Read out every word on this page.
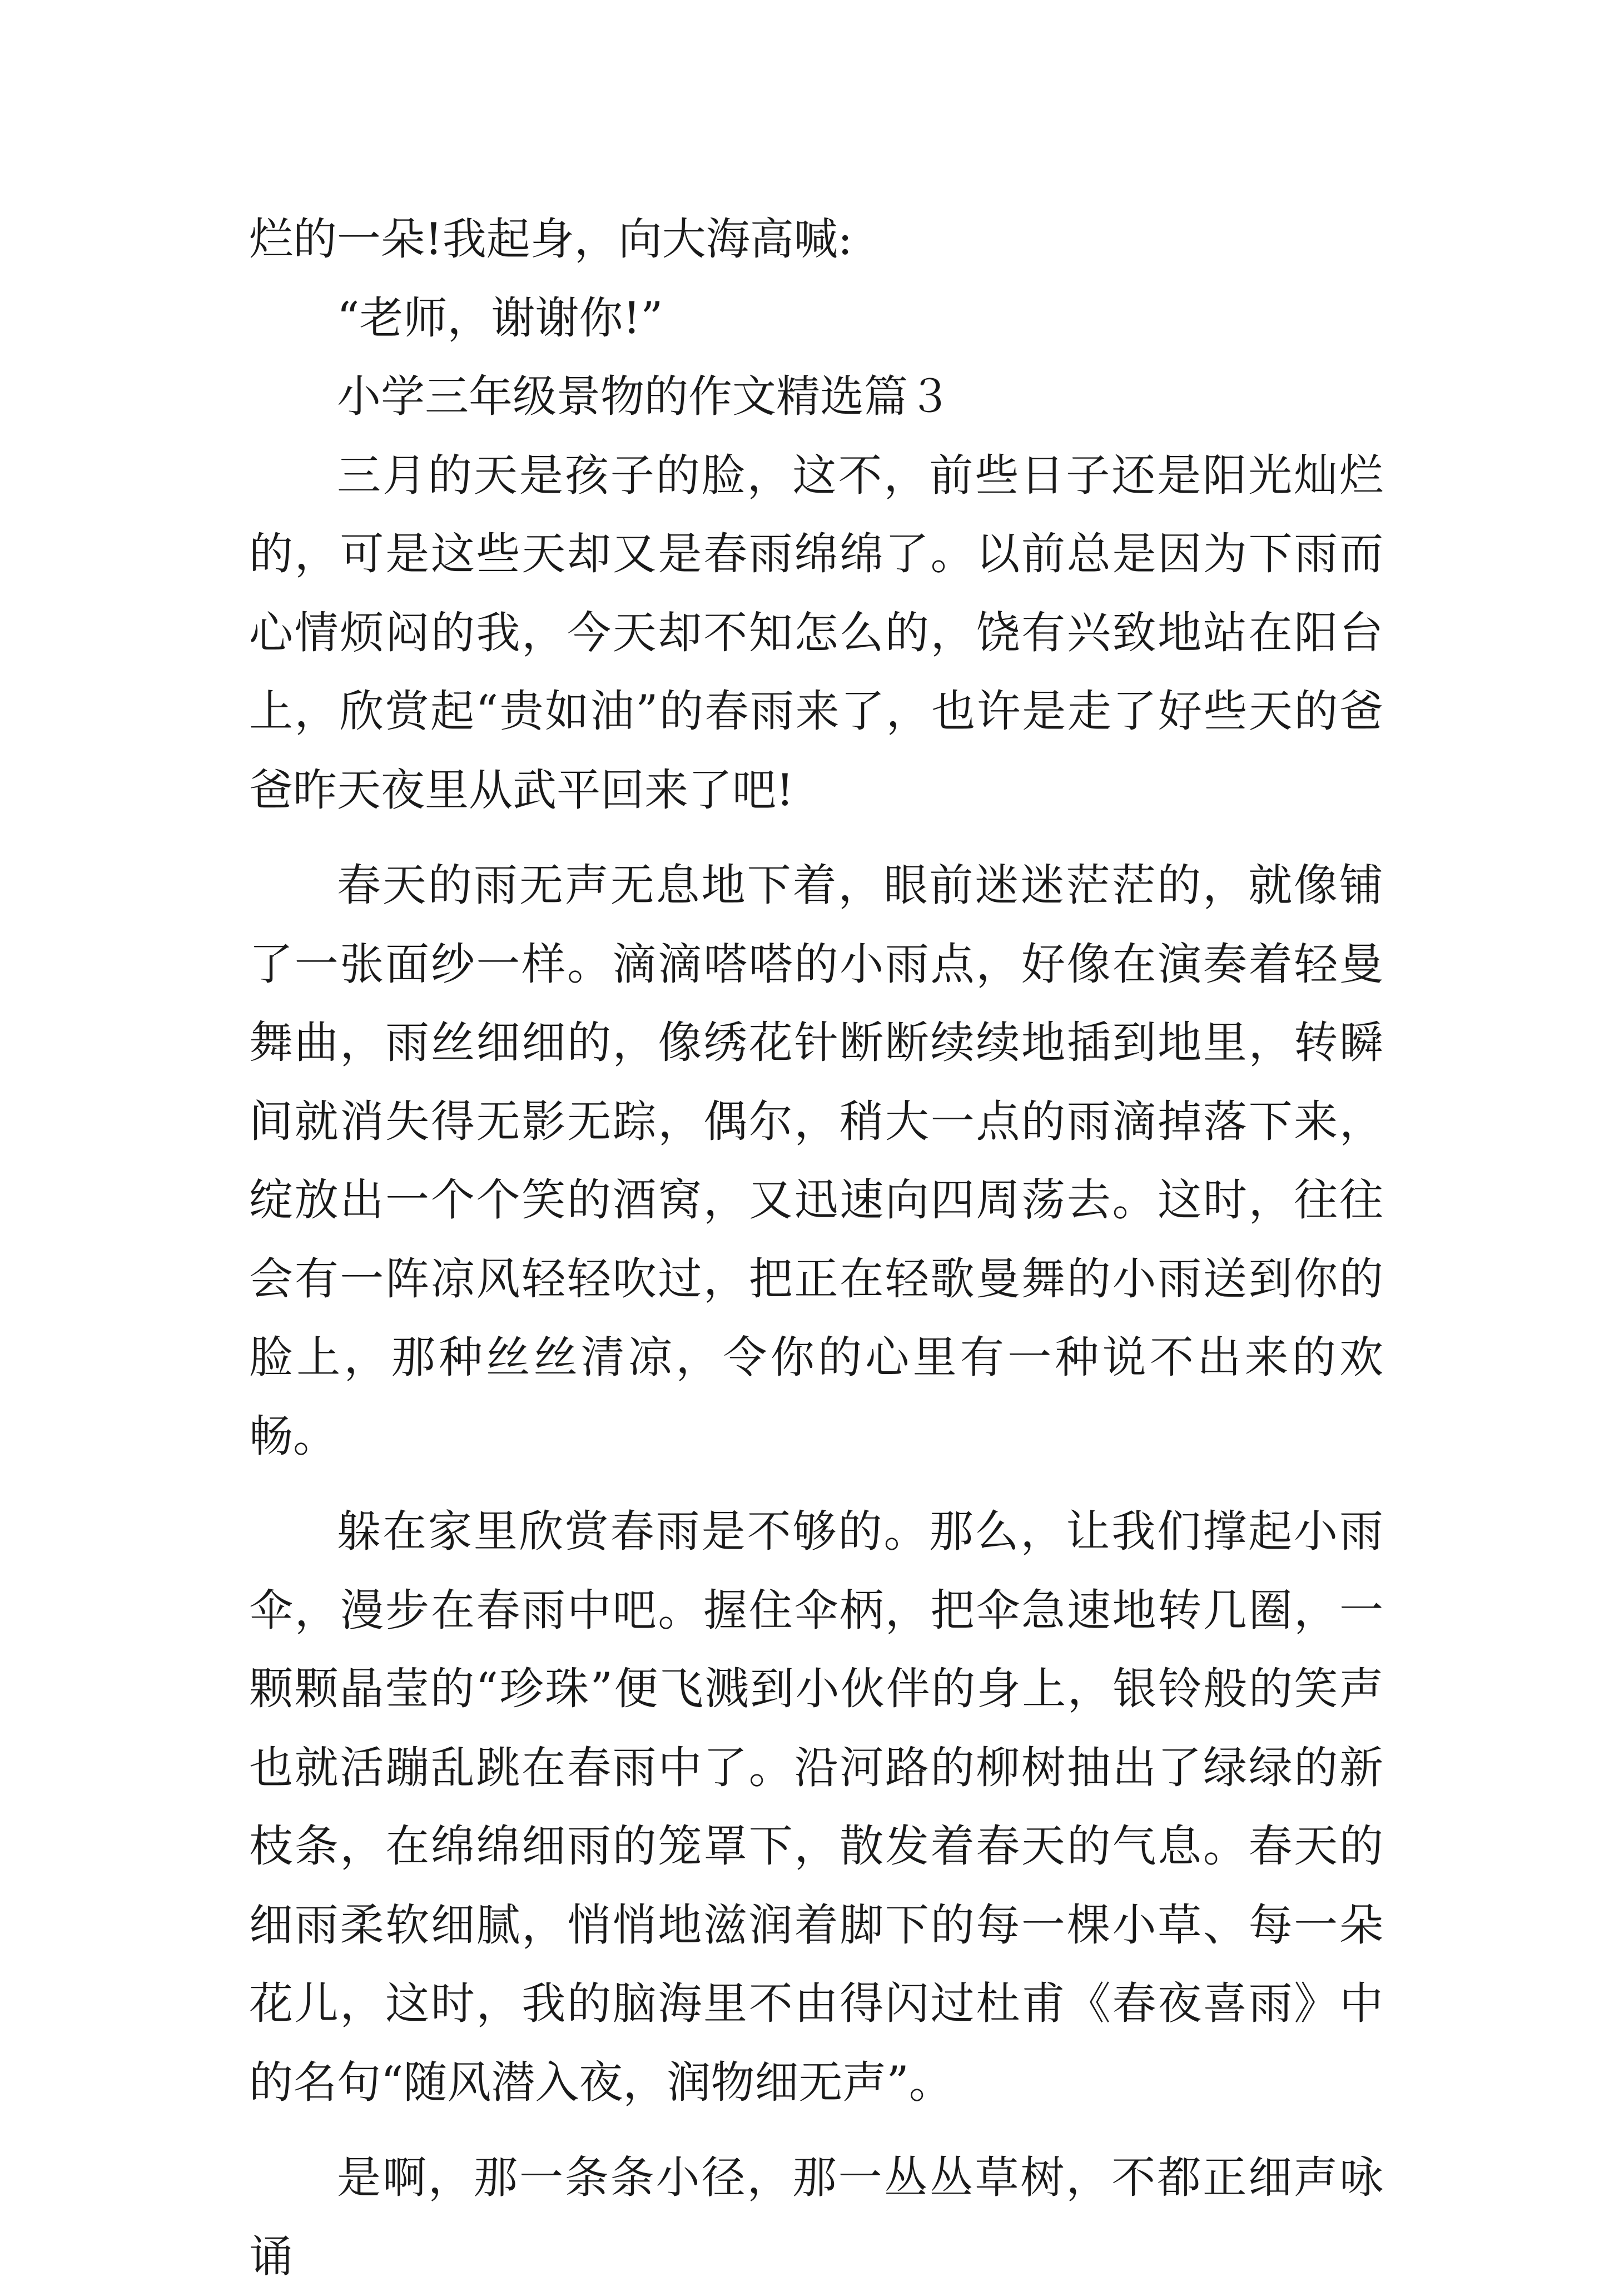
烂的一朵!我起身，向大海高喊:

“老师，谢谢你!”

小学三年级景物的作文精选篇３

三月的天是孩子的脸，这不，前些日子还是阳光灿烂的，可是这些天却又是春雨绵绵了。以前总是因为下雨而心情烦闷的我，今天却不知怎么的，饶有兴致地站在阳台上，欣赏起“贵如油”的春雨来了，也许是走了好些天的爸爸昨天夜里从武平回来了吧!

春天的雨无声无息地下着，眼前迷迷茫茫的，就像铺了一张面纱一样。滴滴嗒嗒的小雨点，好像在演奏着轻曼舞曲，雨丝细细的，像绣花针断断续续地插到地里，转瞬间就消失得无影无踪，偶尔，稍大一点的雨滴掉落下来，绽放出一个个笑的酒窝，又迅速向四周荡去。这时，往往会有一阵凉风轻轻吹过，把正在轻歌曼舞的小雨送到你的脸上，那种丝丝清凉，令你的心里有一种说不出来的欢畅。

躲在家里欣赏春雨是不够的。那么，让我们撑起小雨伞，漫步在春雨中吧。握住伞柄，把伞急速地转几圈，一颗颗晶莹的“珍珠”便飞溅到小伙伴的身上，银铃般的笑声也就活蹦乱跳在春雨中了。沿河路的柳树抽出了绿绿的新枝条，在绵绵细雨的笼罩下，散发着春天的气息。春天的细雨柔软细腻，悄悄地滋润着脚下的每一棵小草、每一朵花儿，这时，我的脑海里不由得闪过杜甫《春夜喜雨》中的名句“随风潜入夜，润物细无声”。

是啊，那一条条小径，那一丛丛草树，不都正细声咏诵
